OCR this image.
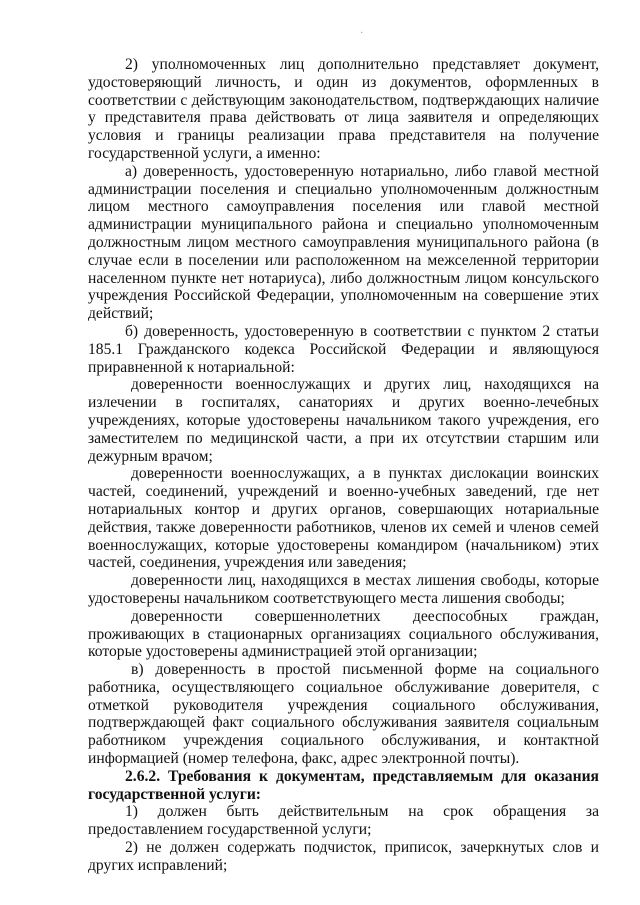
·

2) уполномоченных лиц дополнительно представляет документ, удостоверяющий личность, и один из документов, оформленных в соответствии с действующим законодательством, подтверждающих наличие у представителя права действовать от лица заявителя и определяющих условия и границы реализации права представителя на получение государственной услуги, а именно:

а) доверенность, удостоверенную нотариально, либо главой местной администрации поселения и специально уполномоченным должностным лицом местного самоуправления поселения или главой местной администрации муниципального района и специально уполномоченным должностным лицом местного самоуправления муниципального района (в случае если в поселении или расположенном на межселенной территории населенном пункте нет нотариуса), либо должностным лицом консульского учреждения Российской Федерации, уполномоченным на совершение этих действий;

б) доверенность, удостоверенную в соответствии с пунктом 2 статьи 185.1 Гражданского кодекса Российской Федерации и являющуюся приравненной к нотариальной:

доверенности военнослужащих и других лиц, находящихся на излечении в госпиталях, санаториях и других военно-лечебных учреждениях, которые удостоверены начальником такого учреждения, его заместителем по медицинской части, а при их отсутствии старшим или дежурным врачом;

доверенности военнослужащих, а в пунктах дислокации воинских частей, соединений, учреждений и военно-учебных заведений, где нет нотариальных контор и других органов, совершающих нотариальные действия, также доверенности работников, членов их семей и членов семей военнослужащих, которые удостоверены командиром (начальником) этих частей, соединения, учреждения или заведения;

доверенности лиц, находящихся в местах лишения свободы, которые удостоверены начальником соответствующего места лишения свободы;

доверенности совершеннолетних дееспособных граждан, проживающих в стационарных организациях социального обслуживания, которые удостоверены администрацией этой организации;

в) доверенность в простой письменной форме на социального работника, осуществляющего социальное обслуживание доверителя, с отметкой руководителя учреждения социального обслуживания, подтверждающей факт социального обслуживания заявителя социальным работником учреждения социального обслуживания, и контактной информацией (номер телефона, факс, адрес электронной почты).

2.6.2. Требования к документам, представляемым для оказания государственной услуги:

1) должен быть действительным на срок обращения за предоставлением государственной услуги;

2) не должен содержать подчисток, приписок, зачеркнутых слов и других исправлений;
